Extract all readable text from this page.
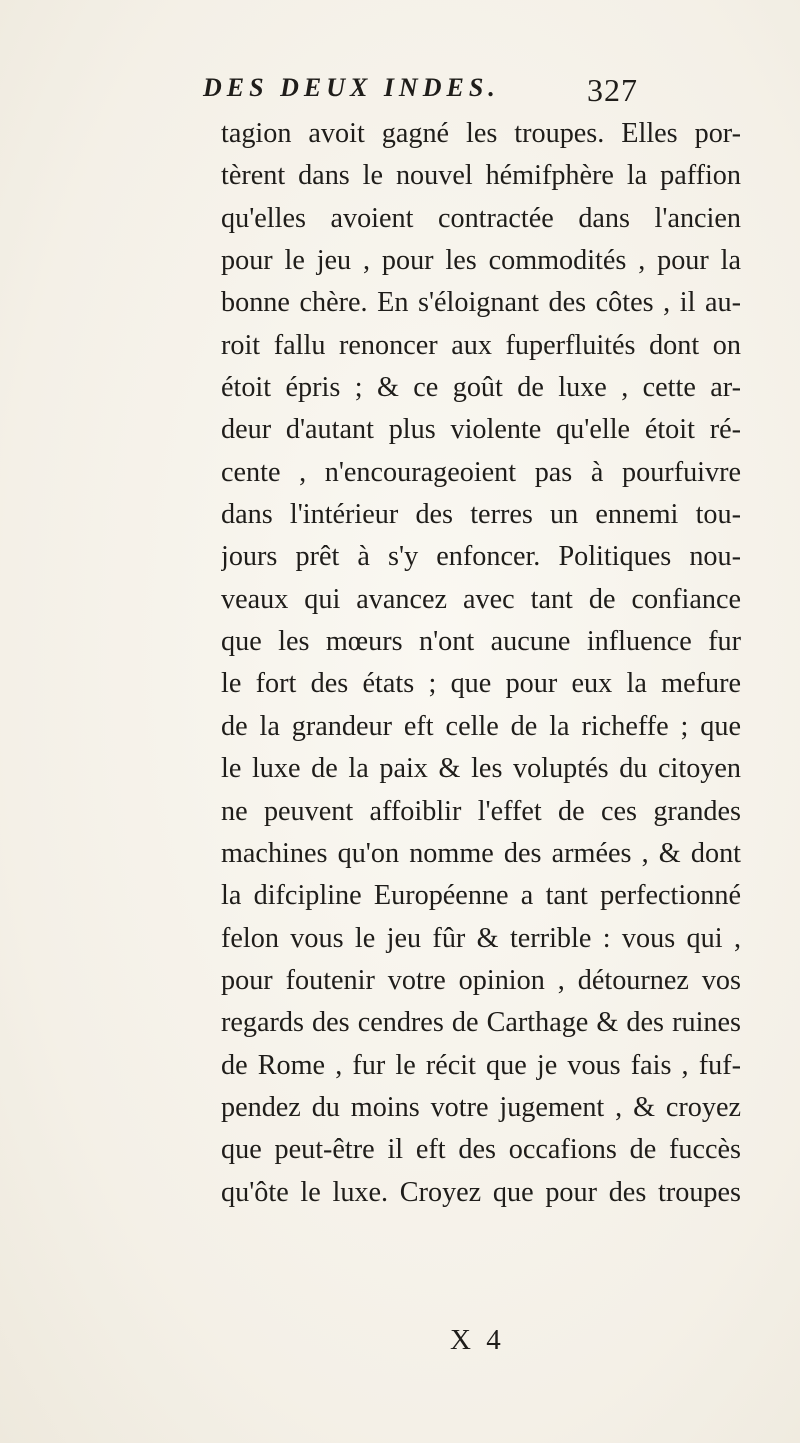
DES DEUX INDES.	327
tagion avoit gagné les troupes. Elles por-
tèrent dans le nouvel hémifphère la paffion
qu'elles avoient contractée dans l'ancien
pour le jeu , pour les commodités , pour la
bonne chère. En s'éloignant des côtes , il au-
roit fallu renoncer aux fuperfluités dont on
étoit épris ; & ce goût de luxe , cette ar-
deur d'autant plus violente qu'elle étoit ré-
cente , n'encourageoient pas à pourfuivre
dans l'intérieur des terres un ennemi tou-
jours prêt à s'y enfoncer. Politiques nou-
veaux qui avancez avec tant de confiance
que les mœurs n'ont aucune influence fur
le fort des états ; que pour eux la mefure
de la grandeur eft celle de la richeffe ; que
le luxe de la paix & les voluptés du citoyen
ne peuvent affoiblir l'effet de ces grandes
machines qu'on nomme des armées , & dont
la difcipline Européenne a tant perfectionné
felon vous le jeu fûr & terrible : vous qui ,
pour foutenir votre opinion , détournez vos
regards des cendres de Carthage & des ruines
de Rome , fur le récit que je vous fais , fuf-
pendez du moins votre jugement , & croyez
que peut-être il eft des occafions de fuccès
qu'ôte le luxe. Croyez que pour des troupes
X 4
